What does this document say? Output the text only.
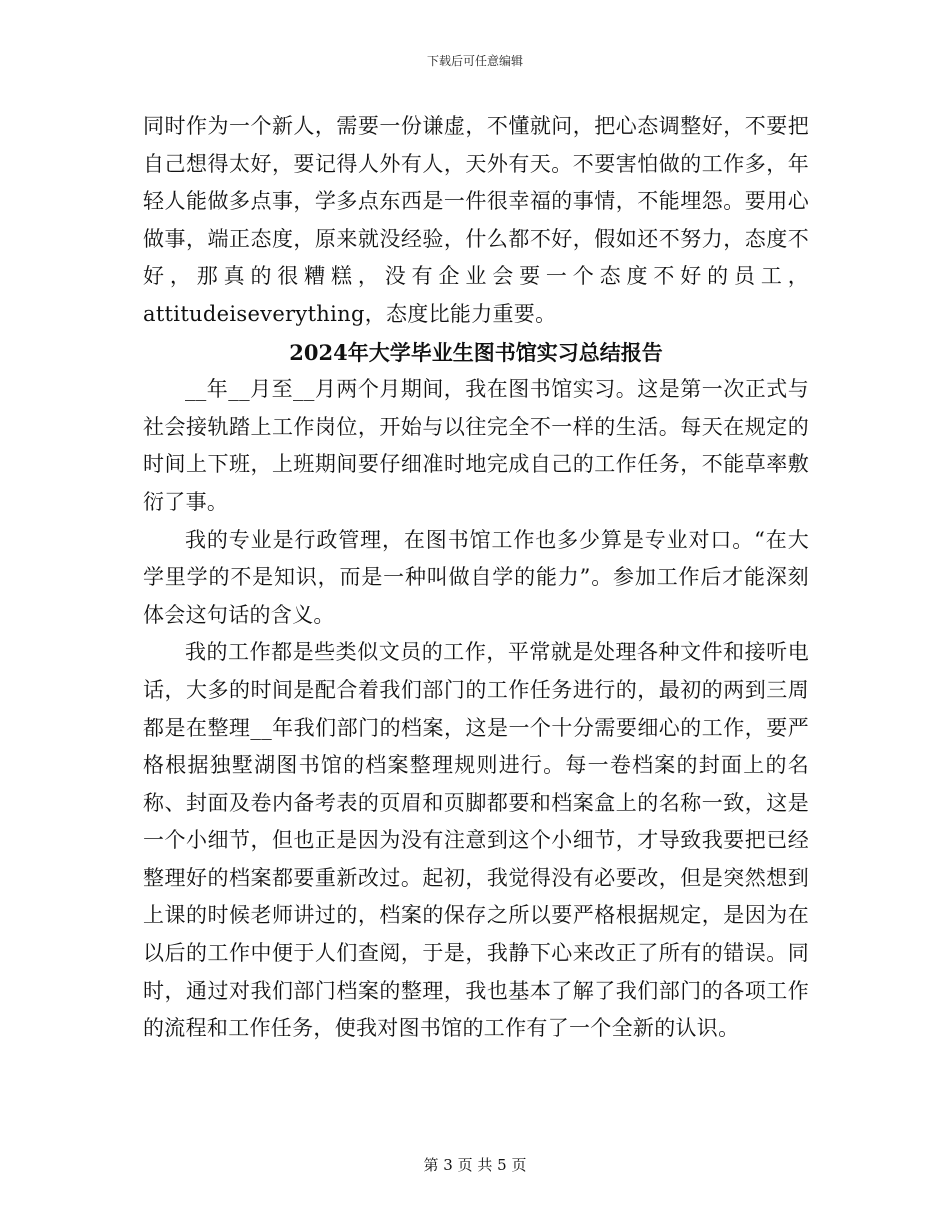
下载后可任意编辑

同时作为一个新人，需要一份谦虚，不懂就问，把心态调整好，不要把自己想得太好，要记得人外有人，天外有天。不要害怕做的工作多，年轻人能做多点事，学多点东西是一件很幸福的事情，不能埋怨。要用心做事，端正态度，原来就没经验，什么都不好，假如还不努力，态度不好，那真的很糟糕，没有企业会要一个态度不好的员工，attitudeiseverything，态度比能力重要。

2024年大学毕业生图书馆实习总结报告

__年__月至__月两个月期间，我在图书馆实习。这是第一次正式与社会接轨踏上工作岗位，开始与以往完全不一样的生活。每天在规定的时间上下班，上班期间要仔细准时地完成自己的工作任务，不能草率敷衍了事。

我的专业是行政管理，在图书馆工作也多少算是专业对口。“在大学里学的不是知识，而是一种叫做自学的能力”。参加工作后才能深刻体会这句话的含义。

我的工作都是些类似文员的工作，平常就是处理各种文件和接听电话，大多的时间是配合着我们部门的工作任务进行的，最初的两到三周都是在整理__年我们部门的档案，这是一个十分需要细心的工作，要严格根据独墅湖图书馆的档案整理规则进行。每一卷档案的封面上的名称、封面及卷内备考表的页眉和页脚都要和档案盒上的名称一致，这是一个小细节，但也正是因为没有注意到这个小细节，才导致我要把已经整理好的档案都要重新改过。起初，我觉得没有必要改，但是突然想到上课的时候老师讲过的，档案的保存之所以要严格根据规定，是因为在以后的工作中便于人们查阅，于是，我静下心来改正了所有的错误。同时，通过对我们部门档案的整理，我也基本了解了我们部门的各项工作的流程和工作任务，使我对图书馆的工作有了一个全新的认识。

第 3 页 共 5 页
